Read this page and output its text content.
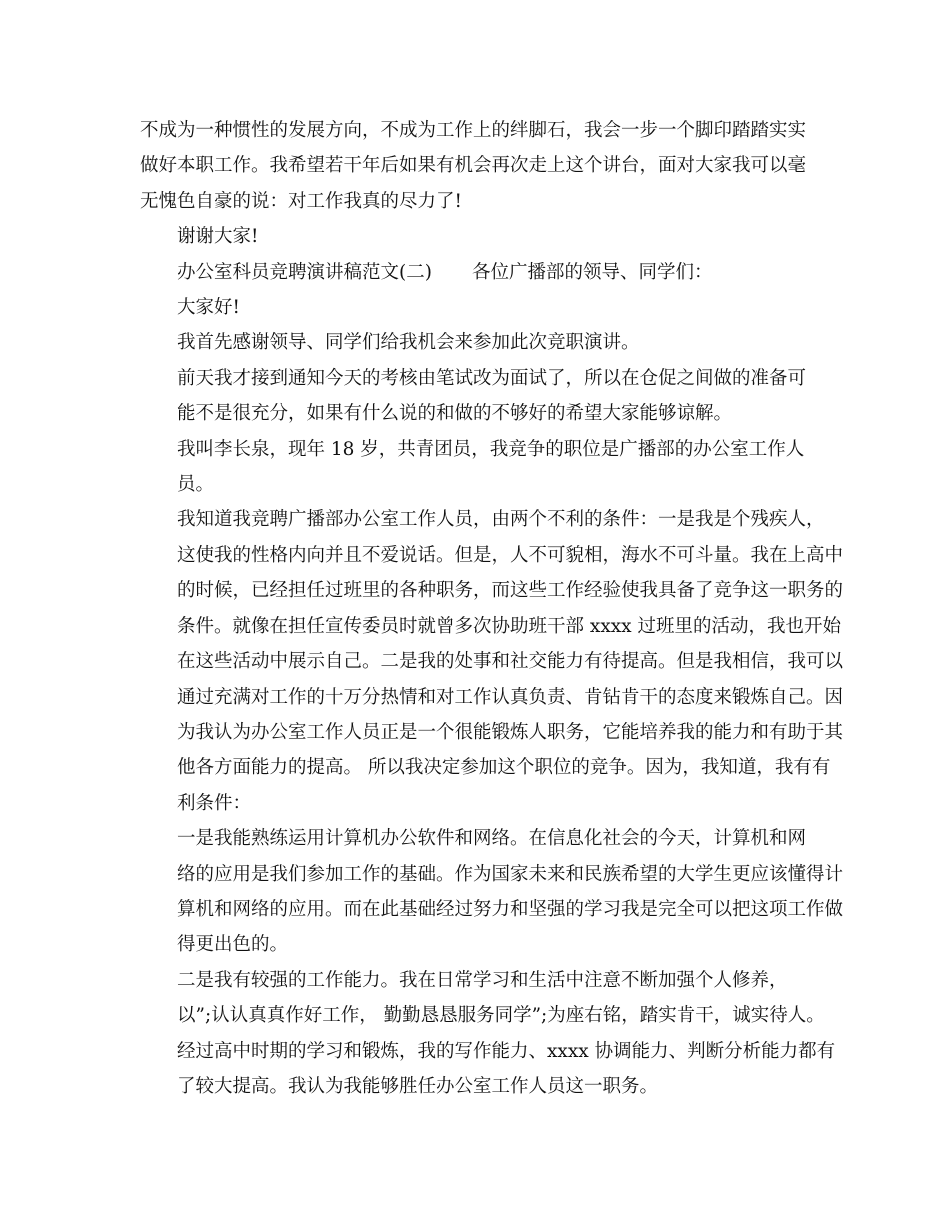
不成为一种惯性的发展方向，不成为工作上的绊脚石，我会一步一个脚印踏踏实实
做好本职工作。我希望若干年后如果有机会再次走上这个讲台，面对大家我可以毫
无愧色自豪的说：对工作我真的尽力了!

谢谢大家!

办公室科员竞聘演讲稿范文(二) 各位广播部的领导、同学们：

大家好!

我首先感谢领导、同学们给我机会来参加此次竞职演讲。

前天我才接到通知今天的考核由笔试改为面试了，所以在仓促之间做的准备可
能不是很充分，如果有什么说的和做的不够好的希望大家能够谅解。

我叫李长泉，现年 18 岁，共青团员，我竞争的职位是广播部的办公室工作人
员。

我知道我竞聘广播部办公室工作人员，由两个不利的条件：一是我是个残疾人，
这使我的性格内向并且不爱说话。但是，人不可貌相，海水不可斗量。我在上高中
的时候，已经担任过班里的各种职务，而这些工作经验使我具备了竞争这一职务的
条件。就像在担任宣传委员时就曾多次协助班干部 xxxx 过班里的活动，我也开始
在这些活动中展示自己。二是我的处事和社交能力有待提高。但是我相信，我可以
通过充满对工作的十万分热情和对工作认真负责、肯钻肯干的态度来锻炼自己。因
为我认为办公室工作人员正是一个很能锻炼人职务，它能培养我的能力和有助于其
他各方面能力的提高。 所以我决定参加这个职位的竞争。因为，我知道，我有有
利条件：

一是我能熟练运用计算机办公软件和网络。在信息化社会的今天，计算机和网
络的应用是我们参加工作的基础。作为国家未来和民族希望的大学生更应该懂得计
算机和网络的应用。而在此基础经过努力和坚强的学习我是完全可以把这项工作做
得更出色的。

二是我有较强的工作能力。我在日常学习和生活中注意不断加强个人修养，
以”;认认真真作好工作， 勤勤恳恳服务同学”;为座右铭，踏实肯干，诚实待人。
经过高中时期的学习和锻炼，我的写作能力、xxxx 协调能力、判断分析能力都有
了较大提高。我认为我能够胜任办公室工作人员这一职务。
